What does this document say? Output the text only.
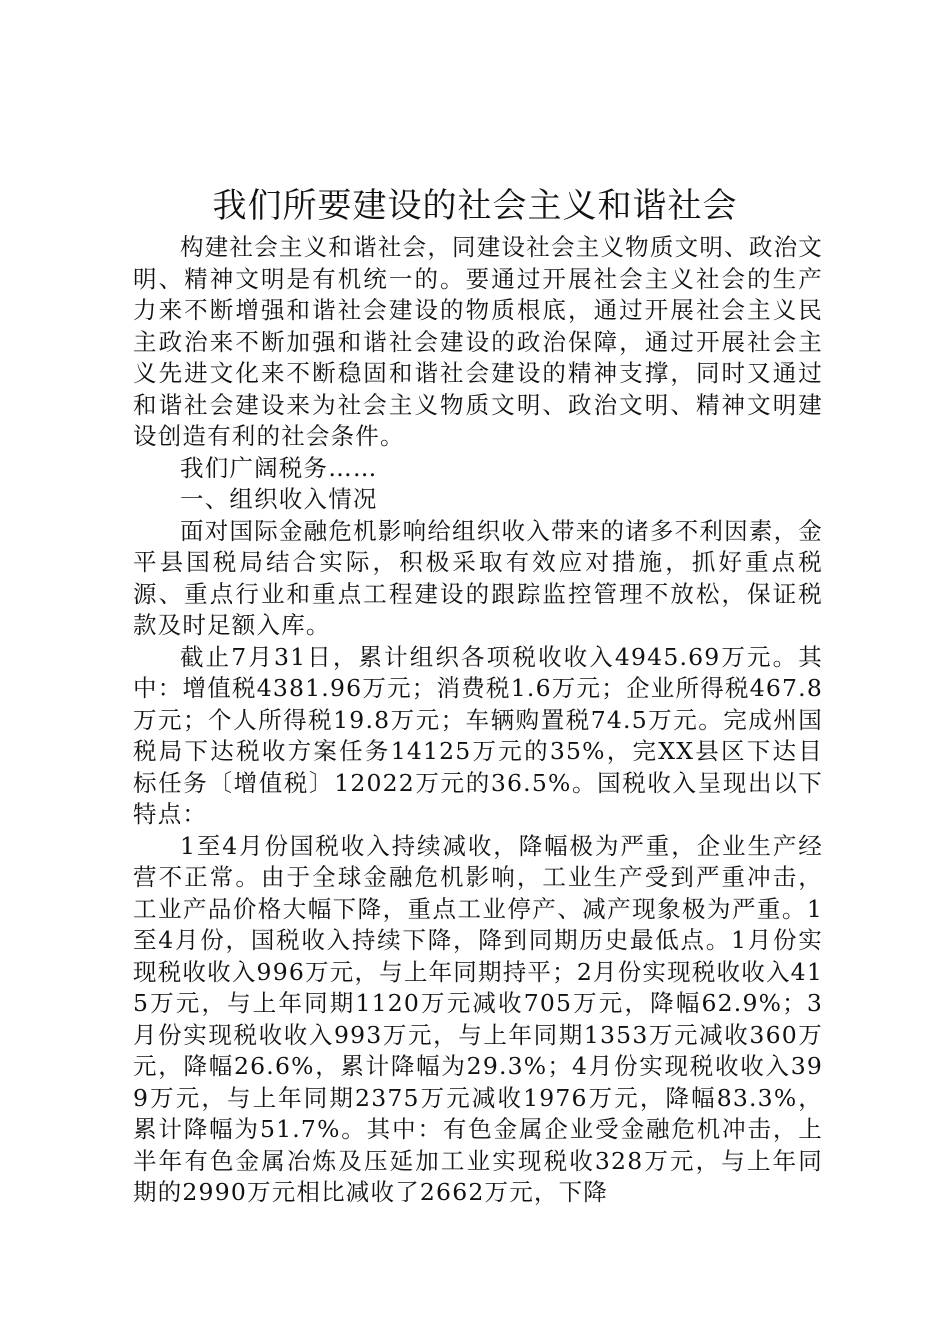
我们所要建设的社会主义和谐社会

构建社会主义和谐社会，同建设社会主义物质文明、政治文明、精神文明是有机统一的。要通过开展社会主义社会的生产力来不断增强和谐社会建设的物质根底，通过开展社会主义民主政治来不断加强和谐社会建设的政治保障，通过开展社会主义先进文化来不断稳固和谐社会建设的精神支撑，同时又通过和谐社会建设来为社会主义物质文明、政治文明、精神文明建设创造有利的社会条件。

我们广阔税务……

一、组织收入情况

面对国际金融危机影响给组织收入带来的诸多不利因素，金平县国税局结合实际，积极采取有效应对措施，抓好重点税源、重点行业和重点工程建设的跟踪监控管理不放松，保证税款及时足额入库。

截止7月31日，累计组织各项税收收入4945.69万元。其中：增值税4381.96万元；消费税1.6万元；企业所得税467.8万元；个人所得税19.8万元；车辆购置税74.5万元。完成州国税局下达税收方案任务14125万元的35%，完XX县区下达目标任务〔增值税〕12022万元的36.5%。国税收入呈现出以下特点：

1至4月份国税收入持续减收，降幅极为严重，企业生产经营不正常。由于全球金融危机影响，工业生产受到严重冲击，工业产品价格大幅下降，重点工业停产、减产现象极为严重。1至4月份，国税收入持续下降，降到同期历史最低点。1月份实现税收收入996万元，与上年同期持平；2月份实现税收收入415万元，与上年同期1120万元减收705万元，降幅62.9%；3月份实现税收收入993万元，与上年同期1353万元减收360万元，降幅26.6%，累计降幅为29.3%；4月份实现税收收入399万元，与上年同期2375万元减收1976万元，降幅83.3%，累计降幅为51.7%。其中：有色金属企业受金融危机冲击，上半年有色金属冶炼及压延加工业实现税收328万元，与上年同期的2990万元相比减收了2662万元，下降
